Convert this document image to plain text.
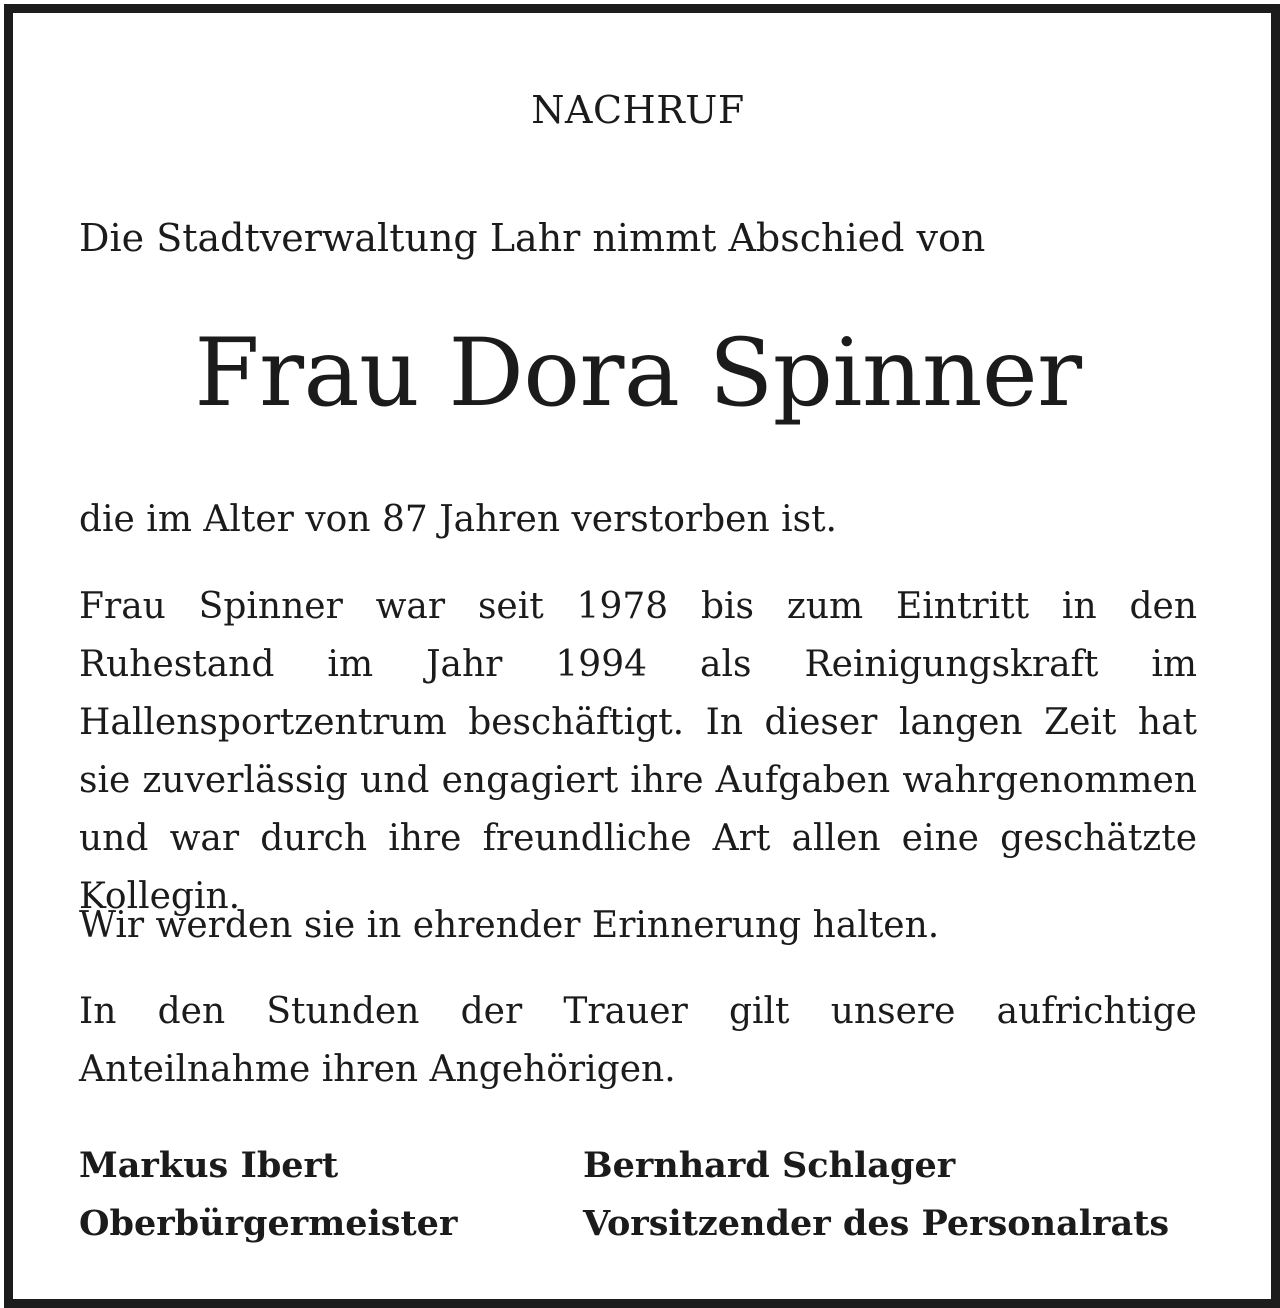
NACHRUF
Die Stadtverwaltung Lahr nimmt Abschied von
Frau Dora Spinner
die im Alter von 87 Jahren verstorben ist.
Frau Spinner war seit 1978 bis zum Eintritt in den Ruhestand im Jahr 1994 als Reinigungskraft im Hallensportzentrum beschäftigt. In dieser langen Zeit hat sie zuverlässig und engagiert ihre Aufgaben wahrgenommen und war durch ihre freundliche Art allen eine geschätzte Kollegin.
Wir werden sie in ehrender Erinnerung halten.
In den Stunden der Trauer gilt unsere aufrichtige Anteilnahme ihren Angehörigen.
Markus Ibert
Oberbürgermeister
Bernhard Schlager
Vorsitzender des Personalrats
